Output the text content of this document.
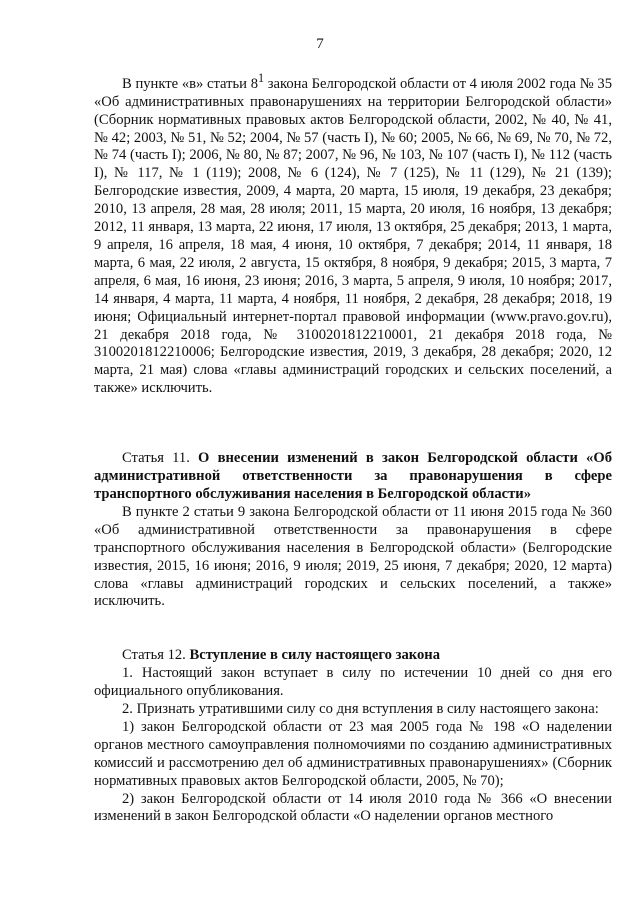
7

В пункте «в» статьи $8^1$ закона Белгородской области от 4 июля 2002 года № 35 «Об административных правонарушениях на территории Белгородской области» (Сборник нормативных правовых актов Белгородской области, 2002, № 40, № 41, № 42; 2003, № 51, № 52; 2004, № 57 (часть I), № 60; 2005, № 66, № 69, № 70, № 72, № 74 (часть I); 2006, № 80, № 87; 2007, № 96, № 103, № 107 (часть I), № 112 (часть I), № 117, № 1 (119); 2008, № 6 (124), № 7 (125), № 11 (129), № 21 (139); Белгородские известия, 2009, 4 марта, 20 марта, 15 июля, 19 декабря, 23 декабря; 2010, 13 апреля, 28 мая, 28 июля; 2011, 15 марта, 20 июля, 16 ноября, 13 декабря; 2012, 11 января, 13 марта, 22 июня, 17 июля, 13 октября, 25 декабря; 2013, 1 марта, 9 апреля, 16 апреля, 18 мая, 4 июня, 10 октября, 7 декабря; 2014, 11 января, 18 марта, 6 мая, 22 июля, 2 августа, 15 октября, 8 ноября, 9 декабря; 2015, 3 марта, 7 апреля, 6 мая, 16 июня, 23 июня; 2016, 3 марта, 5 апреля, 9 июля, 10 ноября; 2017, 14 января, 4 марта, 11 марта, 4 ноября, 11 ноября, 2 декабря, 28 декабря; 2018, 19 июня; Официальный интернет-портал правовой информации (www.pravo.gov.ru), 21 декабря 2018 года, № 3100201812210001, 21 декабря 2018 года, № 3100201812210006; Белгородские известия, 2019, 3 декабря, 28 декабря; 2020, 12 марта, 21 мая) слова «главы администраций городских и сельских поселений, а также» исключить.

Статья 11. О внесении изменений в закон Белгородской области «Об административной ответственности за правонарушения в сфере транспортного обслуживания населения в Белгородской области»

В пункте 2 статьи 9 закона Белгородской области от 11 июня 2015 года № 360 «Об административной ответственности за правонарушения в сфере транспортного обслуживания населения в Белгородской области» (Белгородские известия, 2015, 16 июня; 2016, 9 июля; 2019, 25 июня, 7 декабря; 2020, 12 марта) слова «главы администраций городских и сельских поселений, а также» исключить.

Статья 12. Вступление в силу настоящего закона

1. Настоящий закон вступает в силу по истечении 10 дней со дня его официального опубликования.

2. Признать утратившими силу со дня вступления в силу настоящего закона:

1) закон Белгородской области от 23 мая 2005 года № 198 «О наделении органов местного самоуправления полномочиями по созданию административных комиссий и рассмотрению дел об административных правонарушениях» (Сборник нормативных правовых актов Белгородской области, 2005, № 70);

2) закон Белгородской области от 14 июля 2010 года № 366 «О внесении изменений в закон Белгородской области «О наделении органов местного
